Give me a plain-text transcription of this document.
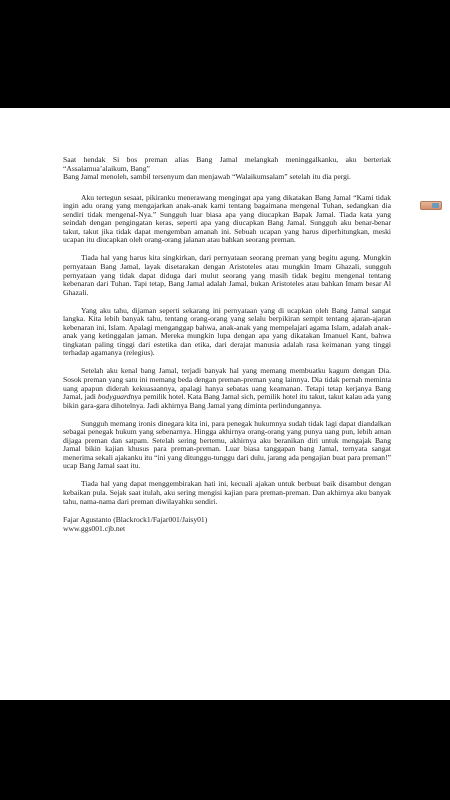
Saat hendak Si bos preman alias Bang Jamal melangkah meninggalkanku, aku berteriak “Assalamua’alaikum, Bang”

Bang Jamal menoleh, sambil tersenyum dan menjawab “Walaikumsalam” setelah itu dia pergi.

Aku tertegun sesaat, pikiranku menerawang mengingat apa yang dikatakan Bang Jamal “Kami tidak ingin adu orang yang mengajarkan anak-anak kami tentang bagaimana mengenal Tuhan, sedangkan dia sendiri tidak mengenal-Nya.” Sungguh luar biasa apa yang diucapkan Bapak Jamal. Tiada kata yang seindah dengan pengingatan keras, seperti apa yang diucapkan Bang Jamal. Sungguh aku benar-benar takut, takut jika tidak dapat mengemban amanah ini. Sebuah ucapan yang harus diperhitungkan, meski ucapan itu diucapkan oleh orang-orang jalanan atau bahkan seorang preman.

Tiada hal yang harus kita singkirkan, dari pernyataan seorang preman yang begitu agung. Mungkin pernyataan Bang Jamal, layak disetarakan dengan Aristoteles atau mungkin Imam Ghazali, sungguh pernyataan yang tidak dapat diduga dari mulut seorang yang masih tidak begitu mengenal tentang kebenaran dari Tuhan. Tapi tetap, Bang Jamal adalah Jamal, bukan Aristoteles atau bahkan Imam besar Al Ghazali.

Yang aku tahu, dijaman seperti sekarang ini pernyataan yang di ucapkan oleh Bang Jamal sangat langka. Kita lebih banyak tahu, tentang orang-orang yang selalu berpikiran sempit tentang ajaran-ajaran kebenaran ini, Islam. Apalagi menganggap bahwa, anak-anak yang mempelajari agama Islam, adalah anak-anak yang ketinggalan jaman. Mereka mungkin lupa dengan apa yang dikatakan Imanuel Kant, bahwa tingkatan paling tinggi dari estetika dan etika, dari derajat manusia adalah rasa keimanan yang tinggi terhadap agamanya (relegius).

Setelah aku kenal bang Jamal, terjadi banyak hal yang memang membuatku kagum dengan Dia. Sosok preman yang satu ini memang beda dengan preman-preman yang lainnya. Dia tidak pernah meminta uang apapun diderah kekuasaannya, apalagi hanya sebatas uang keamanan. Tetapi tetap kerjanya Bang Jamal, jadi bodyguardnya pemilik hotel. Kata Bang Jamal sich, pemilik hotel itu takut, takut kalau ada yang bikin gara-gara dihotelnya. Jadi akhirnya Bang Jamal yang diminta perlindungannya.

Sungguh memang ironis dinegara kita ini, para penegak hukumnya sudah tidak lagi dapat diandalkan sebagai penegak hukum yang sebenarnya. Hingga akhirnya orang-orang yang punya uang pun, lebih aman dijaga preman dan satpam. Setelah sering bertemu, akhirnya aku beranikan diri untuk mengajak Bang Jamal bikin kajian khusus para preman-preman. Luar biasa tanggapan bang Jamal, ternyata sangat menerima sekali ajakanku itu “ini yang ditunggu-tunggu dari dulu, jarang ada pengajian buat para preman!” ucap Bang Jamal saat itu.

Tiada hal yang dapat menggembirakan hati ini, kecuali ajakan untuk berbuat baik disambut dengan kebaikan pula. Sejak saat itulah, aku sering mengisi kajian para preman-preman. Dan akhirnya aku banyak tahu, nama-nama dari preman diwilayahku sendiri.

Fajar Agustanto (Blackrock1/Fajar001/Jaisy01)

www.ggs001.cjb.net
